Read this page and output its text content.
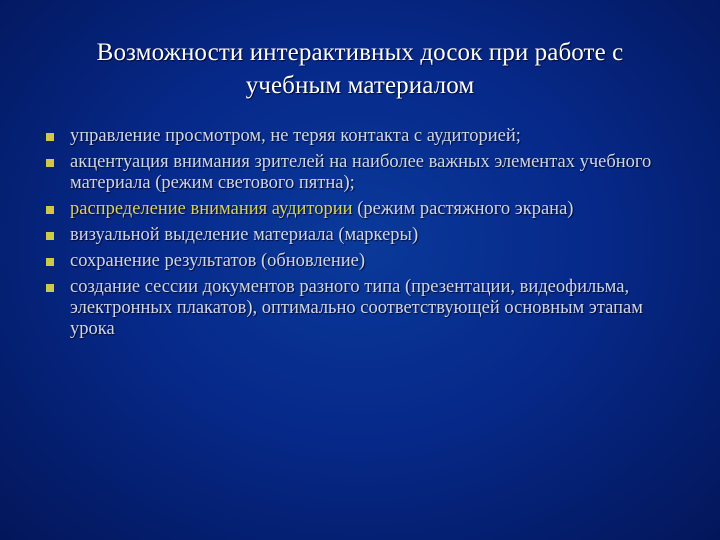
Возможности интерактивных досок при работе с
учебным материалом
управление просмотром, не теряя контакта с аудиторией;
акцентуация внимания зрителей на наиболее важных элементах учебного материала (режим светового пятна);
распределение внимания аудитории (режим растяжного экрана)
визуальной выделение материала (маркеры)
сохранение результатов (обновление)
создание сессии документов разного типа (презентации, видеофильма, электронных плакатов), оптимально соответствующей основным этапам урока
